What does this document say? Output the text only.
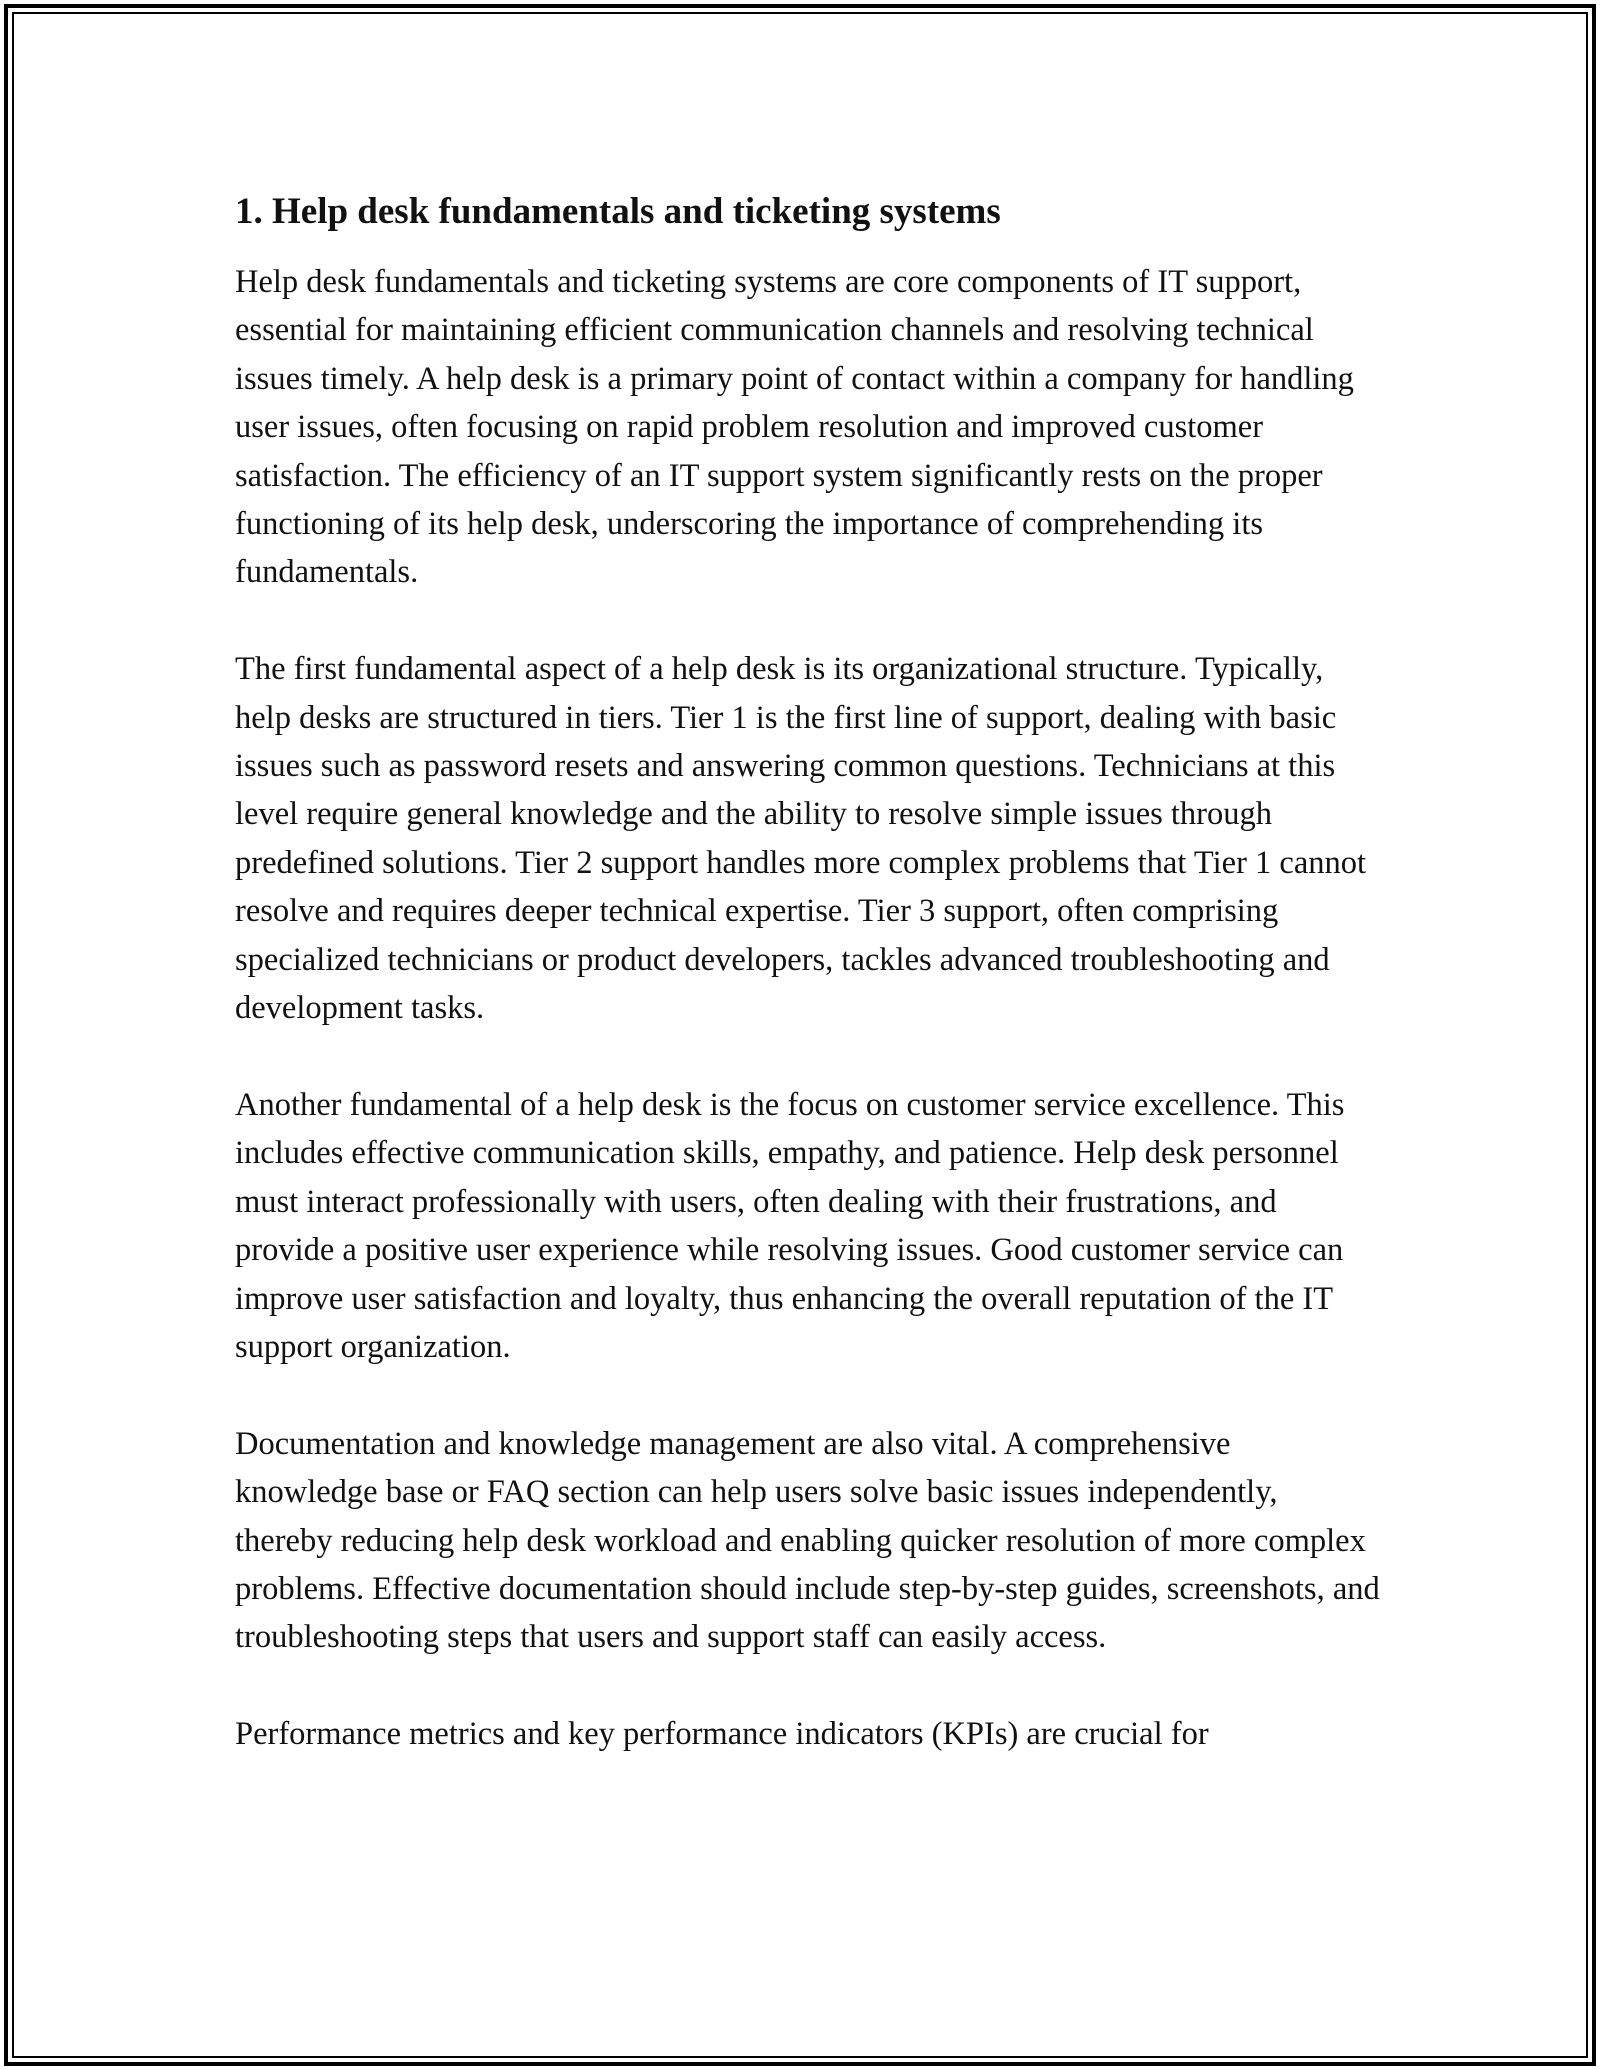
1. Help desk fundamentals and ticketing systems

Help desk fundamentals and ticketing systems are core components of IT support, essential for maintaining efficient communication channels and resolving technical issues timely. A help desk is a primary point of contact within a company for handling user issues, often focusing on rapid problem resolution and improved customer satisfaction. The efficiency of an IT support system significantly rests on the proper functioning of its help desk, underscoring the importance of comprehending its fundamentals.

The first fundamental aspect of a help desk is its organizational structure. Typically, help desks are structured in tiers. Tier 1 is the first line of support, dealing with basic issues such as password resets and answering common questions. Technicians at this level require general knowledge and the ability to resolve simple issues through predefined solutions. Tier 2 support handles more complex problems that Tier 1 cannot resolve and requires deeper technical expertise. Tier 3 support, often comprising specialized technicians or product developers, tackles advanced troubleshooting and development tasks.

Another fundamental of a help desk is the focus on customer service excellence. This includes effective communication skills, empathy, and patience. Help desk personnel must interact professionally with users, often dealing with their frustrations, and provide a positive user experience while resolving issues. Good customer service can improve user satisfaction and loyalty, thus enhancing the overall reputation of the IT support organization.

Documentation and knowledge management are also vital. A comprehensive knowledge base or FAQ section can help users solve basic issues independently, thereby reducing help desk workload and enabling quicker resolution of more complex problems. Effective documentation should include step-by-step guides, screenshots, and troubleshooting steps that users and support staff can easily access.

Performance metrics and key performance indicators (KPIs) are crucial for
